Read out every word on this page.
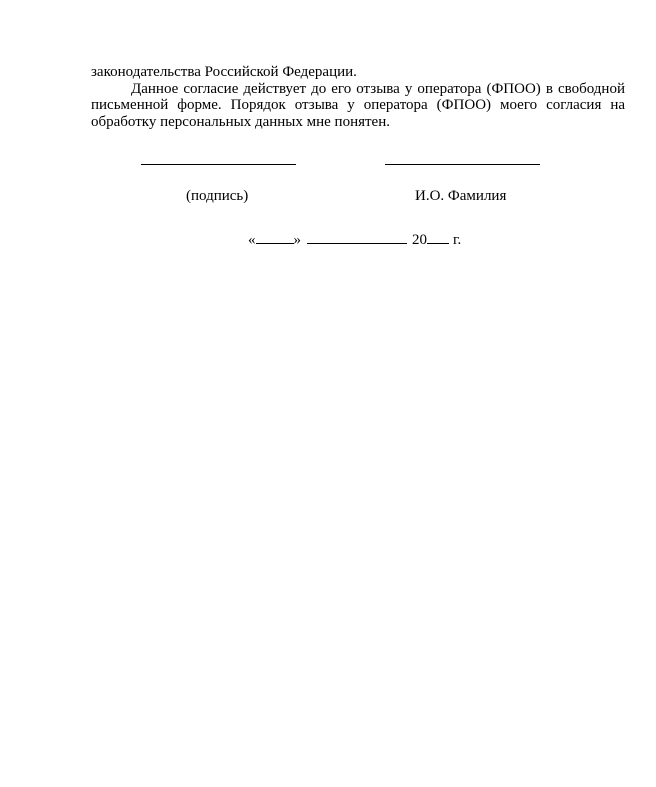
законодательства Российской Федерации.

Данное согласие действует до его отзыва у оператора (ФПОО) в свободной письменной форме. Порядок отзыва у оператора (ФПОО) моего согласия на обработку персональных данных мне понятен.

(подпись)	И.О. Фамилия
«	»	20 г.
